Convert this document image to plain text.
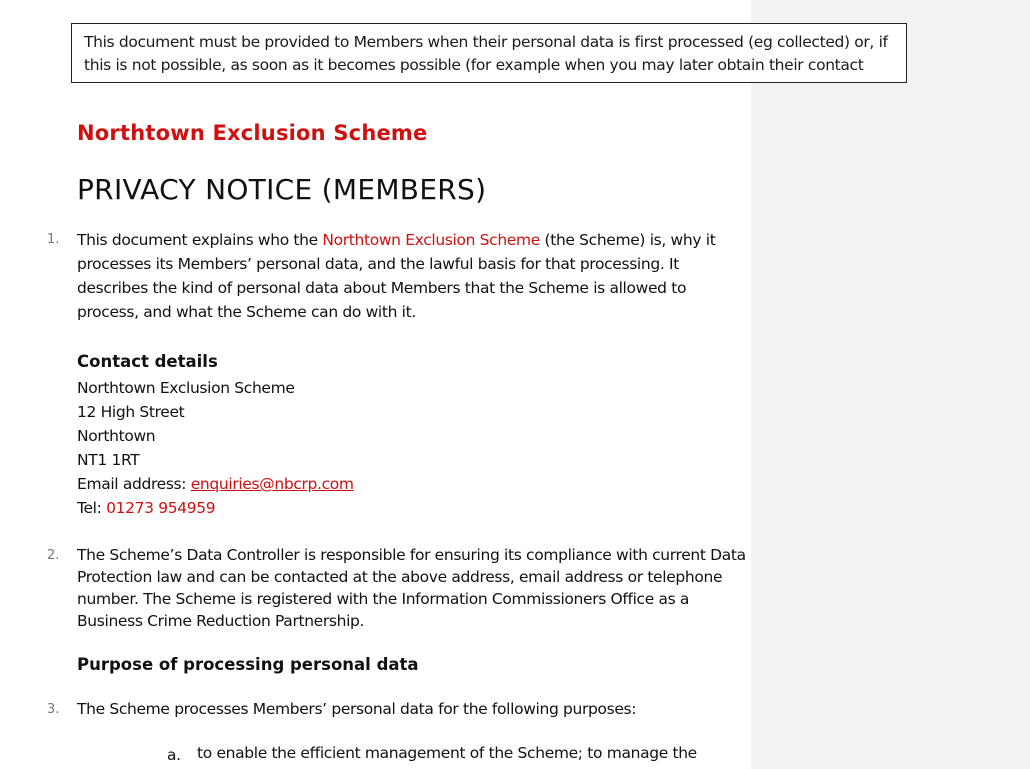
This document must be provided to Members when their personal data is first processed (eg collected) or, if
this is not possible, as soon as it becomes possible (for example when you may later obtain their contact
Northtown Exclusion Scheme
PRIVACY NOTICE (MEMBERS)
1. This document explains who the Northtown Exclusion Scheme (the Scheme) is, why it
processes its Members’ personal data, and the lawful basis for that processing. It
describes the kind of personal data about Members that the Scheme is allowed to
process, and what the Scheme can do with it.
Contact details
Northtown Exclusion Scheme
12 High Street
Northtown
NT1 1RT
Email address: enquiries@nbcrp.com
Tel: 01273 954959
2. The Scheme’s Data Controller is responsible for ensuring its compliance with current Data
Protection law and can be contacted at the above address, email address or telephone
number. The Scheme is registered with the Information Commissioners Office as a
Business Crime Reduction Partnership.
Purpose of processing personal data
3. The Scheme processes Members’ personal data for the following purposes:
a. to enable the efficient management of the Scheme; to manage the
